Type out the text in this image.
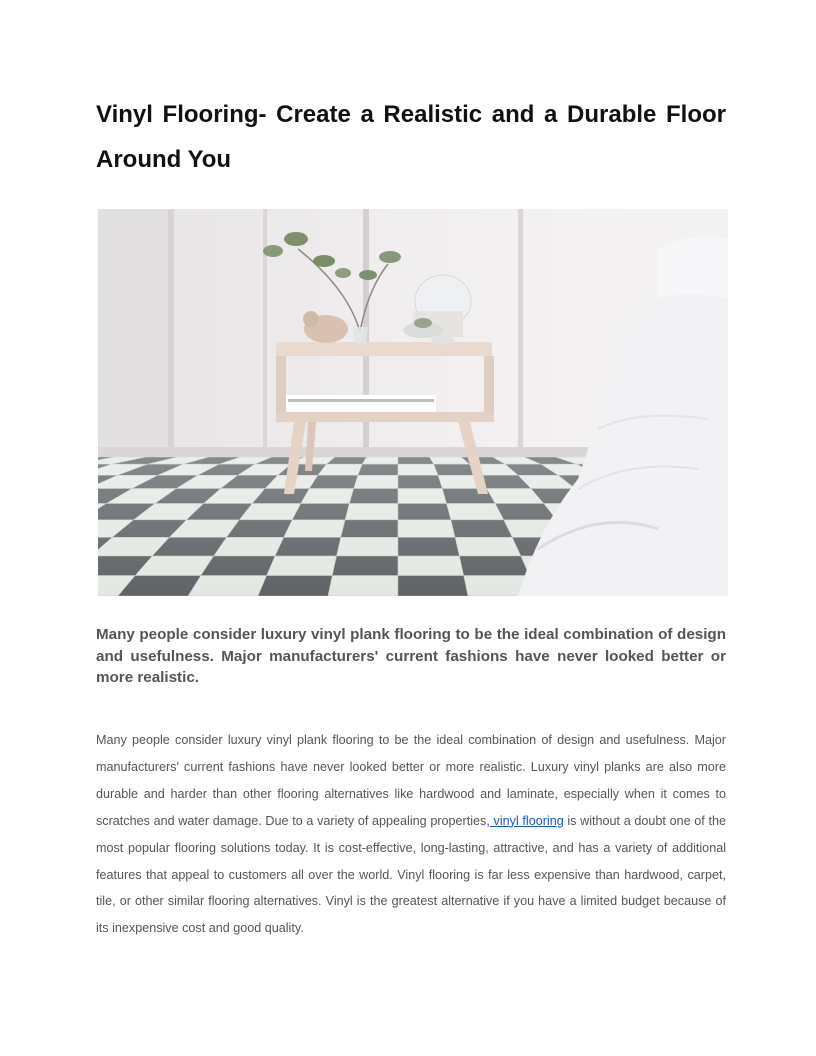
Vinyl Flooring- Create a Realistic and a Durable Floor Around You

Many people consider luxury vinyl plank flooring to be the ideal combination of design and usefulness. Major manufacturers' current fashions have never looked better or more realistic.

Many people consider luxury vinyl plank flooring to be the ideal combination of design and usefulness. Major manufacturers' current fashions have never looked better or more realistic. Luxury vinyl planks are also more durable and harder than other flooring alternatives like hardwood and laminate, especially when it comes to scratches and water damage. Due to a variety of appealing properties, vinyl flooring is without a doubt one of the most popular flooring solutions today. It is cost-effective, long-lasting, attractive, and has a variety of additional features that appeal to customers all over the world. Vinyl flooring is far less expensive than hardwood, carpet, tile, or other similar flooring alternatives. Vinyl is the greatest alternative if you have a limited budget because of its inexpensive cost and good quality.
